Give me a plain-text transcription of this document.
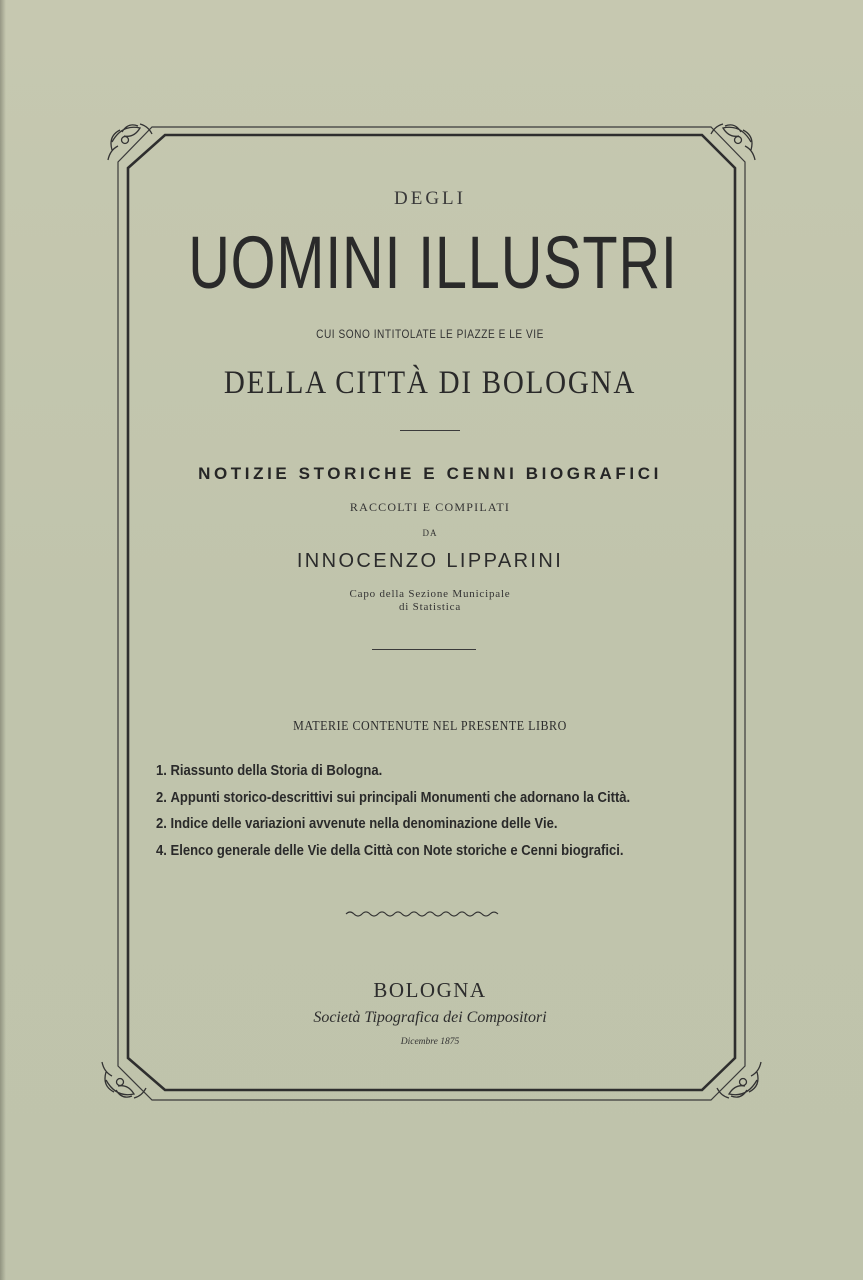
DEGLI
UOMINI ILLUSTRI
CUI SONO INTITOLATE LE PIAZZE E LE VIE
DELLA CITTÀ DI BOLOGNA
NOTIZIE STORICHE E CENNI BIOGRAFICI
RACCOLTI E COMPILATI
DA
INNOCENZO LIPPARINI
Capo della Sezione Municipale
di Statistica
MATERIE CONTENUTE NEL PRESENTE LIBRO
1. Riassunto della Storia di Bologna.
2. Appunti storico-descrittivi sui principali Monumenti che adornano la Città.
2. Indice delle variazioni avvenute nella denominazione delle Vie.
4. Elenco generale delle Vie della Città con Note storiche e Cenni biografici.
BOLOGNA
Società Tipografica dei Compositori
Dicembre 1875
